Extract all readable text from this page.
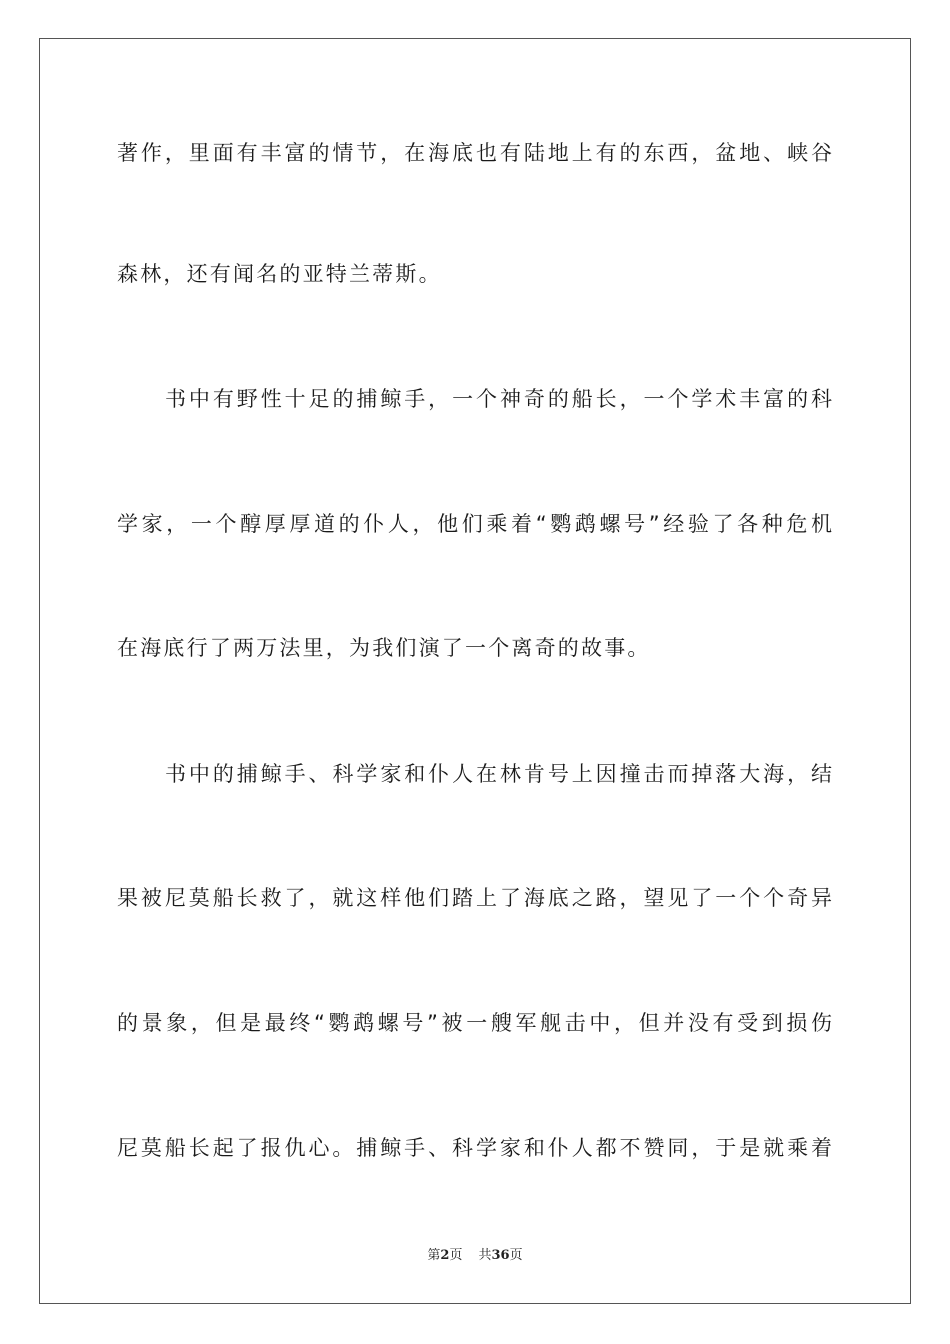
著作，里面有丰富的情节，在海底也有陆地上有的东西，盆地、峡谷
森林，还有闻名的亚特兰蒂斯。
书中有野性十足的捕鲸手，一个神奇的船长，一个学术丰富的科
学家，一个醇厚厚道的仆人，他们乘着“鹦鹉螺号”经验了各种危机
在海底行了两万法里，为我们演了一个离奇的故事。
书中的捕鲸手、科学家和仆人在林肯号上因撞击而掉落大海，结
果被尼莫船长救了，就这样他们踏上了海底之路，望见了一个个奇异
的景象，但是最终“鹦鹉螺号”被一艘军舰击中，但并没有受到损伤
尼莫船长起了报仇心。捕鲸手、科学家和仆人都不赞同，于是就乘着
第2页 共36页
